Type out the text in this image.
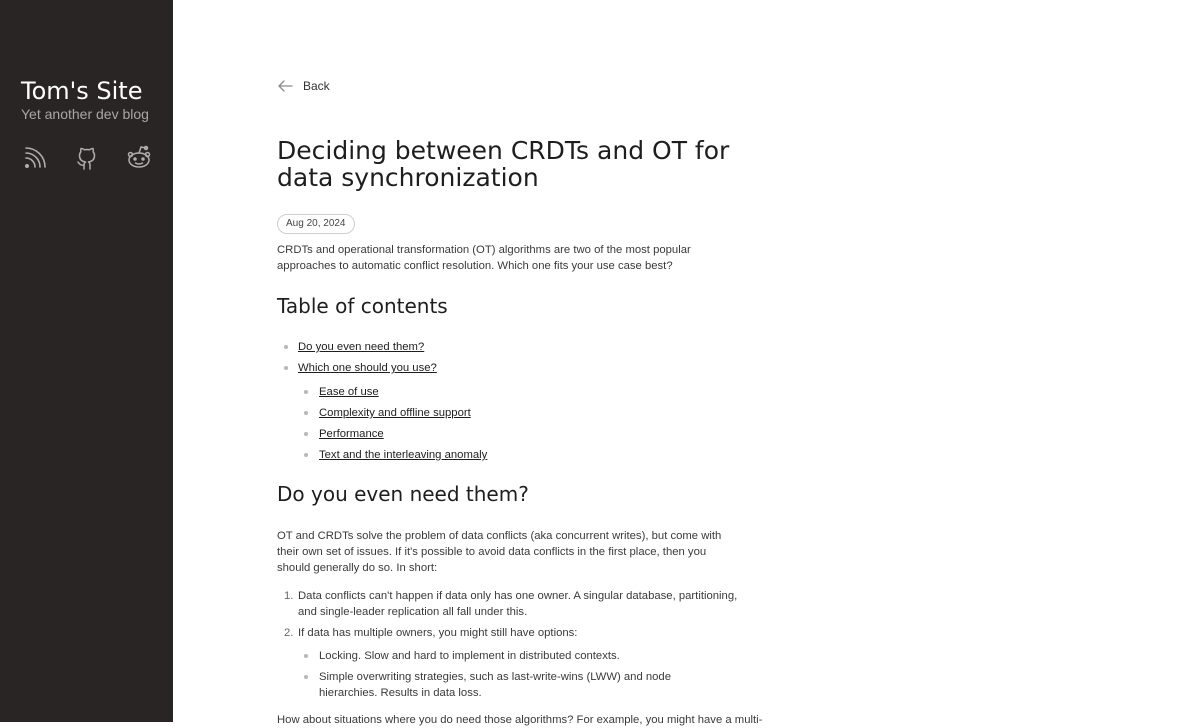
Tom's Site
Yet another dev blog
Back
Deciding between CRDTs and OT for data synchronization
Aug 20, 2024

CRDTs and operational transformation (OT) algorithms are two of the most popular approaches to automatic conflict resolution. Which one fits your use case best?

Table of contents
Do you even need them?
Which one should you use?
Ease of use
Complexity and offline support
Performance
Text and the interleaving anomaly
Do you even need them?

OT and CRDTs solve the problem of data conflicts (aka concurrent writes), but come with their own set of issues. If it's possible to avoid data conflicts in the first place, then you should generally do so. In short:

1. Data conflicts can't happen if data only has one owner. A singular database, partitioning, and single-leader replication all fall under this.

2. If data has multiple owners, you might still have options:

Locking. Slow and hard to implement in distributed contexts.

Simple overwriting strategies, such as last-write-wins (LWW) and node hierarchies. Results in data loss.

How about situations where you do need those algorithms? For example, you might have a multi-
